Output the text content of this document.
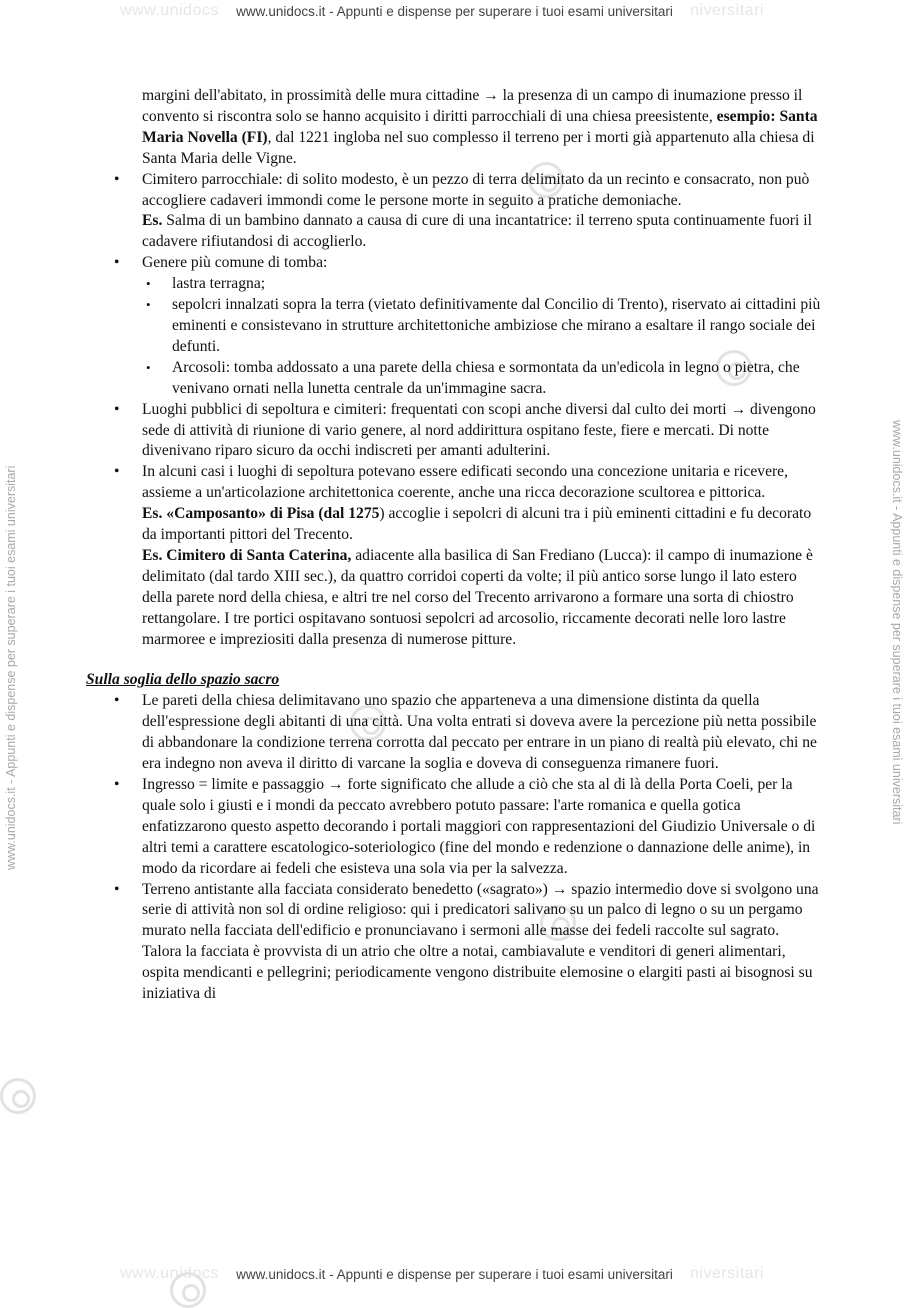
www.unidocs	niversitari
www.unidocs.it - Appunti e dispense per superare i tuoi esami universitari
www.unidocs.it - Appunti e dispense per superare i tuoi esami universitari	www.unidocs.it - Appunti e dispense per superare i tuoi esami universitari

margini dell'abitato, in prossimità delle mura cittadine → la presenza di un campo di inumazione presso il convento si riscontra solo se hanno acquisito i diritti parrocchiali di una chiesa preesistente, esempio: Santa Maria Novella (FI), dal 1221 ingloba nel suo complesso il terreno per i morti già appartenuto alla chiesa di Santa Maria delle Vigne.

• Cimitero parrocchiale: di solito modesto, è un pezzo di terra delimitato da un recinto e consacrato, non può accogliere cadaveri immondi come le persone morte in seguito a pratiche demoniache.
Es. Salma di un bambino dannato a causa di cure di una incantatrice: il terreno sputa continuamente fuori il cadavere rifiutandosi di accoglierlo.
• Genere più comune di tomba:
• lastra terragna;
• sepolcri innalzati sopra la terra (vietato definitivamente dal Concilio di Trento), riservato ai cittadini più eminenti e consistevano in strutture architettoniche ambiziose che mirano a esaltare il rango sociale dei defunti.
• Arcosoli: tomba addossato a una parete della chiesa e sormontata da un'edicola in legno o pietra, che venivano ornati nella lunetta centrale da un'immagine sacra.
• Luoghi pubblici di sepoltura e cimiteri: frequentati con scopi anche diversi dal culto dei morti → divengono sede di attività di riunione di vario genere, al nord addirittura ospitano feste, fiere e mercati. Di notte divenivano riparo sicuro da occhi indiscreti per amanti adulterini.
• In alcuni casi i luoghi di sepoltura potevano essere edificati secondo una concezione unitaria e ricevere, assieme a un'articolazione architettonica coerente, anche una ricca decorazione scultorea e pittorica.
Es. «Camposanto» di Pisa (dal 1275) accoglie i sepolcri di alcuni tra i più eminenti cittadini e fu decorato da importanti pittori del Trecento.
Es. Cimitero di Santa Caterina, adiacente alla basilica di San Frediano (Lucca): il campo di inumazione è delimitato (dal tardo XIII sec.), da quattro corridoi coperti da volte; il più antico sorse lungo il lato estero della parete nord della chiesa, e altri tre nel corso del Trecento arrivarono a formare una sorta di chiostro rettangolare. I tre portici ospitavano sontuosi sepolcri ad arcosolio, riccamente decorati nelle loro lastre marmoree e impreziositi dalla presenza di numerose pitture.

Sulla soglia dello spazio sacro

• Le pareti della chiesa delimitavano uno spazio che apparteneva a una dimensione distinta da quella dell'espressione degli abitanti di una città. Una volta entrati si doveva avere la percezione più netta possibile di abbandonare la condizione terrena corrotta dal peccato per entrare in un piano di realtà più elevato, chi ne era indegno non aveva il diritto di varcane la soglia e doveva di conseguenza rimanere fuori.
• Ingresso = limite e passaggio → forte significato che allude a ciò che sta al di là della Porta Coeli, per la quale solo i giusti e i mondi da peccato avrebbero potuto passare: l'arte romanica e quella gotica enfatizzarono questo aspetto decorando i portali maggiori con rappresentazioni del Giudizio Universale o di altri temi a carattere escatologico-soteriologico (fine del mondo e redenzione o dannazione delle anime), in modo da ricordare ai fedeli che esisteva una sola via per la salvezza.
• Terreno antistante alla facciata considerato benedetto («sagrato») → spazio intermedio dove si svolgono una serie di attività non sol di ordine religioso: qui i predicatori salivano su un palco di legno o su un pergamo murato nella facciata dell'edificio e pronunciavano i sermoni alle masse dei fedeli raccolte sul sagrato. Talora la facciata è provvista di un atrio che oltre a notai, cambiavalute e venditori di generi alimentari, ospita mendicanti e pellegrini; periodicamente vengono distribuite elemosine o elargiti pasti ai bisognosi su iniziativa di
www.unidocs	niversitari
www.unidocs.it - Appunti e dispense per superare i tuoi esami universitari
